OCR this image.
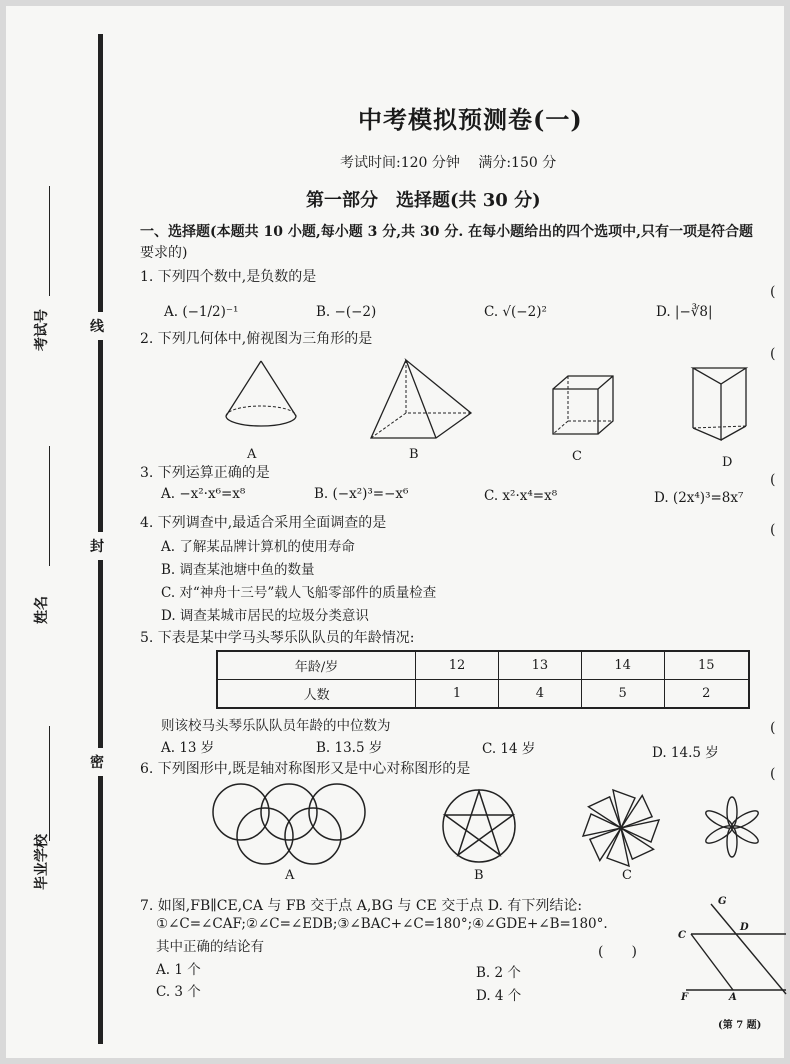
考试号
姓名
毕业学校
线
封
密
中考模拟预测卷(一)
考试时间:120 分钟　 满分:150 分
第一部分　选择题(共 30 分)
一、选择题(本题共 10 小题,每小题 3 分,共 30 分. 在每小题给出的四个选项中,只有一项是符合题
要求的)
1. 下列四个数中,是负数的是
(
A. (−1/2)⁻¹	B. −(−2)	C. √(−2)²	D. |−∛8|
2. 下列几何体中,俯视图为三角形的是
(
A	B	C	D
3. 下列运算正确的是	(
A. −x²·x⁶=x⁸	B. (−x²)³=−x⁶	C. x²·x⁴=x⁸	D. (2x⁴)³=8x⁷
4. 下列调查中,最适合采用全面调查的是	(
A. 了解某品牌计算机的使用寿命
B. 调查某池塘中鱼的数量
C. 对“神舟十三号”载人飞船零部件的质量检查
D. 调查某城市居民的垃圾分类意识
5. 下表是某中学马头琴乐队队员的年龄情况:
年龄/岁	12	13	14	15
人数	1	4	5	2
则该校马头琴乐队队员年龄的中位数为	(
A. 13 岁	B. 13.5 岁	C. 14 岁	D. 14.5 岁
6. 下列图形中,既是轴对称图形又是中心对称图形的是	(
A	B	C
7. 如图,FB∥CE,CA 与 FB 交于点 A,BG 与 CE 交于点 D. 有下列结论:
①∠C=∠CAF;②∠C=∠EDB;③∠BAC+∠C=180°;④∠GDE+∠B=180°.
其中正确的结论有	(　　)
A. 1 个	B. 2 个
C. 3 个	D. 4 个
G
D
C
F	A
(第 7 题)
